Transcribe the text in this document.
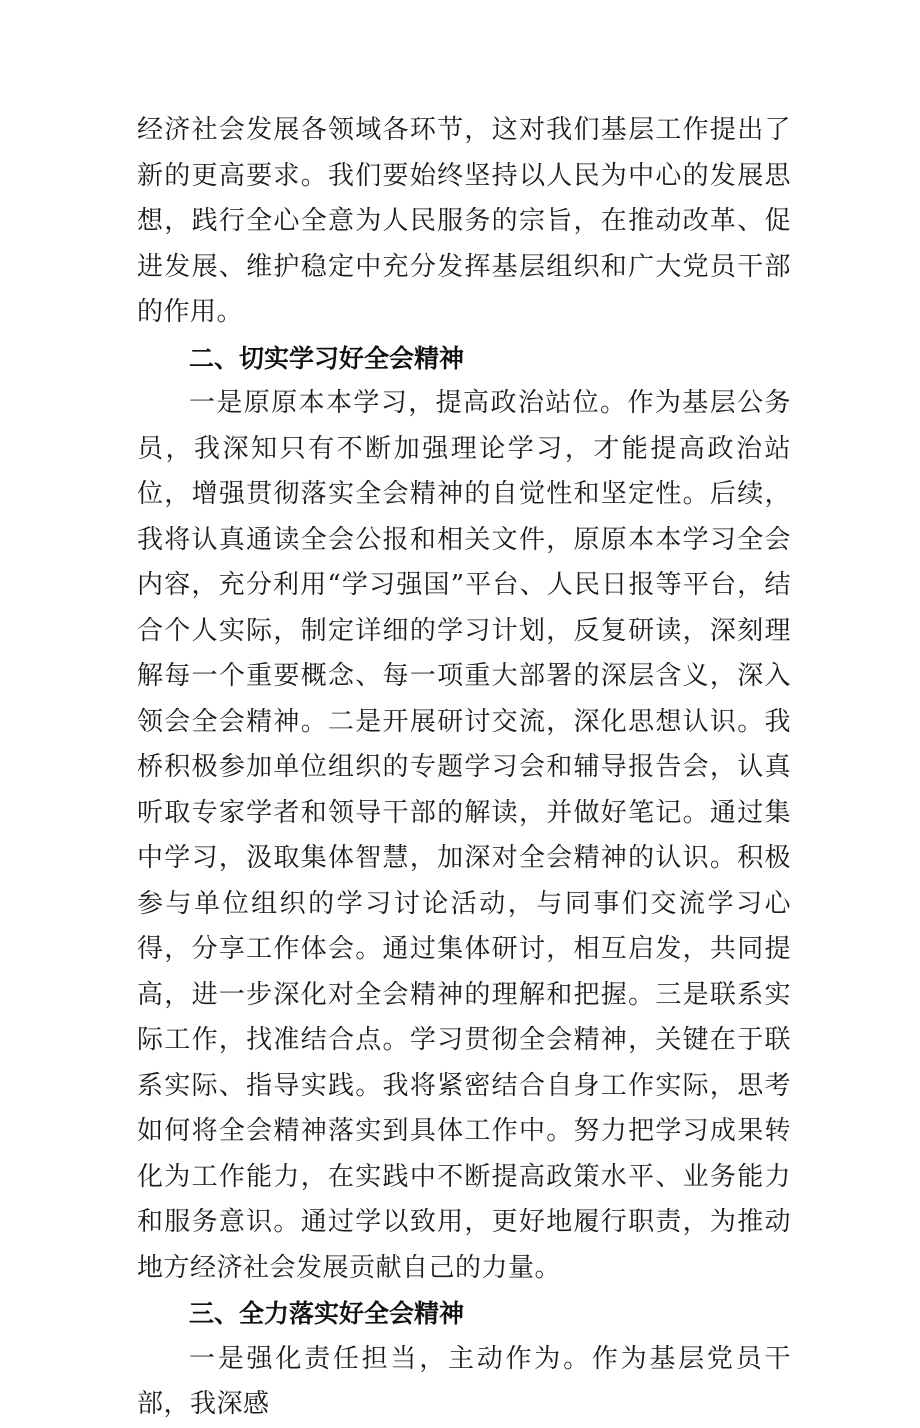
经济社会发展各领域各环节，这对我们基层工作提出了新的更高要求。我们要始终坚持以人民为中心的发展思想，践行全心全意为人民服务的宗旨，在推动改革、促进发展、维护稳定中充分发挥基层组织和广大党员干部的作用。

二、切实学习好全会精神

一是原原本本学习，提高政治站位。作为基层公务员，我深知只有不断加强理论学习，才能提高政治站位，增强贯彻落实全会精神的自觉性和坚定性。后续，我将认真通读全会公报和相关文件，原原本本学习全会内容，充分利用“学习强国”平台、人民日报等平台，结合个人实际，制定详细的学习计划，反复研读，深刻理解每一个重要概念、每一项重大部署的深层含义，深入领会全会精神。二是开展研讨交流，深化思想认识。我桥积极参加单位组织的专题学习会和辅导报告会，认真听取专家学者和领导干部的解读，并做好笔记。通过集中学习，汲取集体智慧，加深对全会精神的认识。积极参与单位组织的学习讨论活动，与同事们交流学习心得，分享工作体会。通过集体研讨，相互启发，共同提高，进一步深化对全会精神的理解和把握。三是联系实际工作，找准结合点。学习贯彻全会精神，关键在于联系实际、指导实践。我将紧密结合自身工作实际，思考如何将全会精神落实到具体工作中。努力把学习成果转化为工作能力，在实践中不断提高政策水平、业务能力和服务意识。通过学以致用，更好地履行职责，为推动地方经济社会发展贡献自己的力量。

三、全力落实好全会精神

一是强化责任担当，主动作为。作为基层党员干部，我深感
